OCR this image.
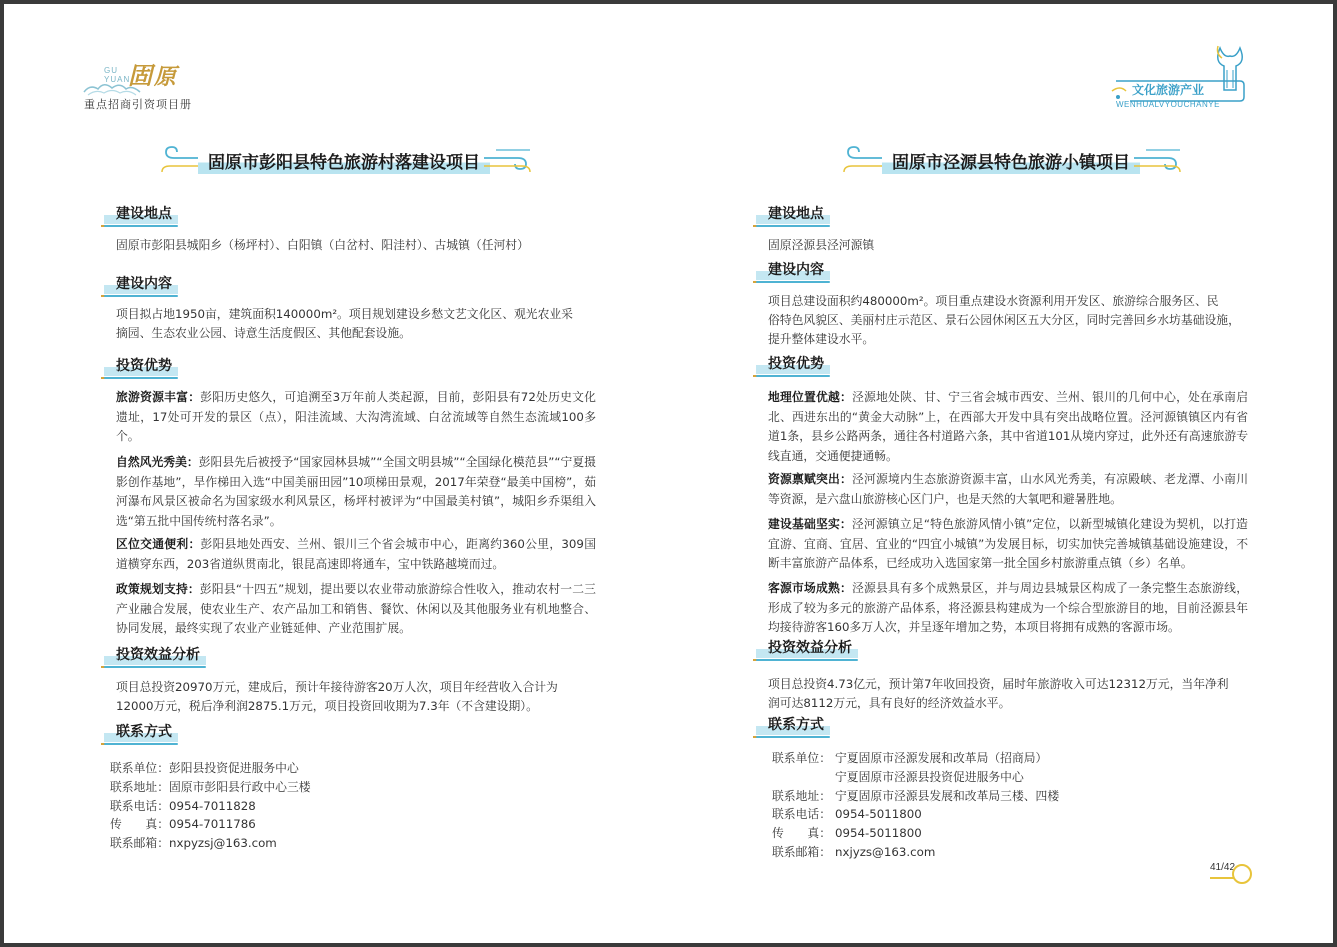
GU
YUAN
固 原
重点招商引资项目册
文化旅游产业
WENHUALVYOUCHANYE
固原市彭阳县特色旅游村落建设项目
建设地点
固原市彭阳县城阳乡（杨坪村）、白阳镇（白岔村、阳洼村）、古城镇（任河村）
建设内容
项目拟占地1950亩，建筑面积140000m²。项目规划建设乡愁文艺文化区、观光农业采
摘园、生态农业公园、诗意生活度假区、其他配套设施。
投资优势
旅游资源丰富：彭阳历史悠久，可追溯至3万年前人类起源，目前，彭阳县有72处历史文化遗址，17处可开发的景区（点），阳洼流域、大沟湾流域、白岔流域等自然生态流域100多个。
自然风光秀美：彭阳县先后被授予“国家园林县城”“全国文明县城”“全国绿化模范县”“宁夏摄影创作基地”，旱作梯田入选“中国美丽田园”10项梯田景观，2017年荣登“最美中国榜”，茹河瀑布风景区被命名为国家级水利风景区，杨坪村被评为“中国最美村镇”，城阳乡乔渠组入选“第五批中国传统村落名录”。
区位交通便利：彭阳县地处西安、兰州、银川三个省会城市中心，距离约360公里，309国道横穿东西，203省道纵贯南北，银昆高速即将通车，宝中铁路越境而过。
政策规划支持：彭阳县“十四五”规划，提出要以农业带动旅游综合性收入，推动农村一二三产业融合发展，使农业生产、农产品加工和销售、餐饮、休闲以及其他服务业有机地整合、协同发展，最终实现了农业产业链延伸、产业范围扩展。
投资效益分析
项目总投资20970万元，建成后，预计年接待游客20万人次，项目年经营收入合计为
12000万元，税后净利润2875.1万元，项目投资回收期为7.3年（不含建设期）。
联系方式
联系单位：彭阳县投资促进服务中心
联系地址：固原市彭阳县行政中心三楼
联系电话：0954-7011828
传　　真：0954-7011786
联系邮箱：nxpyzsj@163.com
固原市泾源县特色旅游小镇项目
建设地点
固原泾源县泾河源镇
建设内容
项目总建设面积约480000m²。项目重点建设水资源利用开发区、旅游综合服务区、民
俗特色风貌区、美丽村庄示范区、景石公园休闲区五大分区，同时完善回乡水坊基础设施，
提升整体建设水平。
投资优势
地理位置优越：泾源地处陕、甘、宁三省会城市西安、兰州、银川的几何中心，处在承南启北、西进东出的“黄金大动脉”上，在西部大开发中具有突出战略位置。泾河源镇镇区内有省道1条，县乡公路两条，通往各村道路六条，其中省道101从境内穿过，此外还有高速旅游专线直通，交通便捷通畅。
资源禀赋突出：泾河源境内生态旅游资源丰富，山水风光秀美，有凉殿峡、老龙潭、小南川等资源，是六盘山旅游核心区门户，也是天然的大氧吧和避暑胜地。
建设基础坚实：泾河源镇立足“特色旅游风情小镇”定位，以新型城镇化建设为契机，以打造宜游、宜商、宜居、宜业的“四宜小城镇”为发展目标，切实加快完善城镇基础设施建设，不断丰富旅游产品体系，已经成功入选国家第一批全国乡村旅游重点镇（乡）名单。
客源市场成熟：泾源县具有多个成熟景区，并与周边县城景区构成了一条完整生态旅游线，形成了较为多元的旅游产品体系，将泾源县构建成为一个综合型旅游目的地，目前泾源县年均接待游客160多万人次，并呈逐年增加之势，本项目将拥有成熟的客源市场。
投资效益分析
项目总投资4.73亿元，预计第7年收回投资，届时年旅游收入可达12312万元，当年净利
润可达8112万元，具有良好的经济效益水平。
联系方式
联系单位： 宁夏固原市泾源发展和改革局（招商局）
宁夏固原市泾源县投资促进服务中心
联系地址： 宁夏固原市泾源县发展和改革局三楼、四楼
联系电话： 0954-5011800
传　　真： 0954-5011800
联系邮箱： nxjyzs@163.com
41/42
